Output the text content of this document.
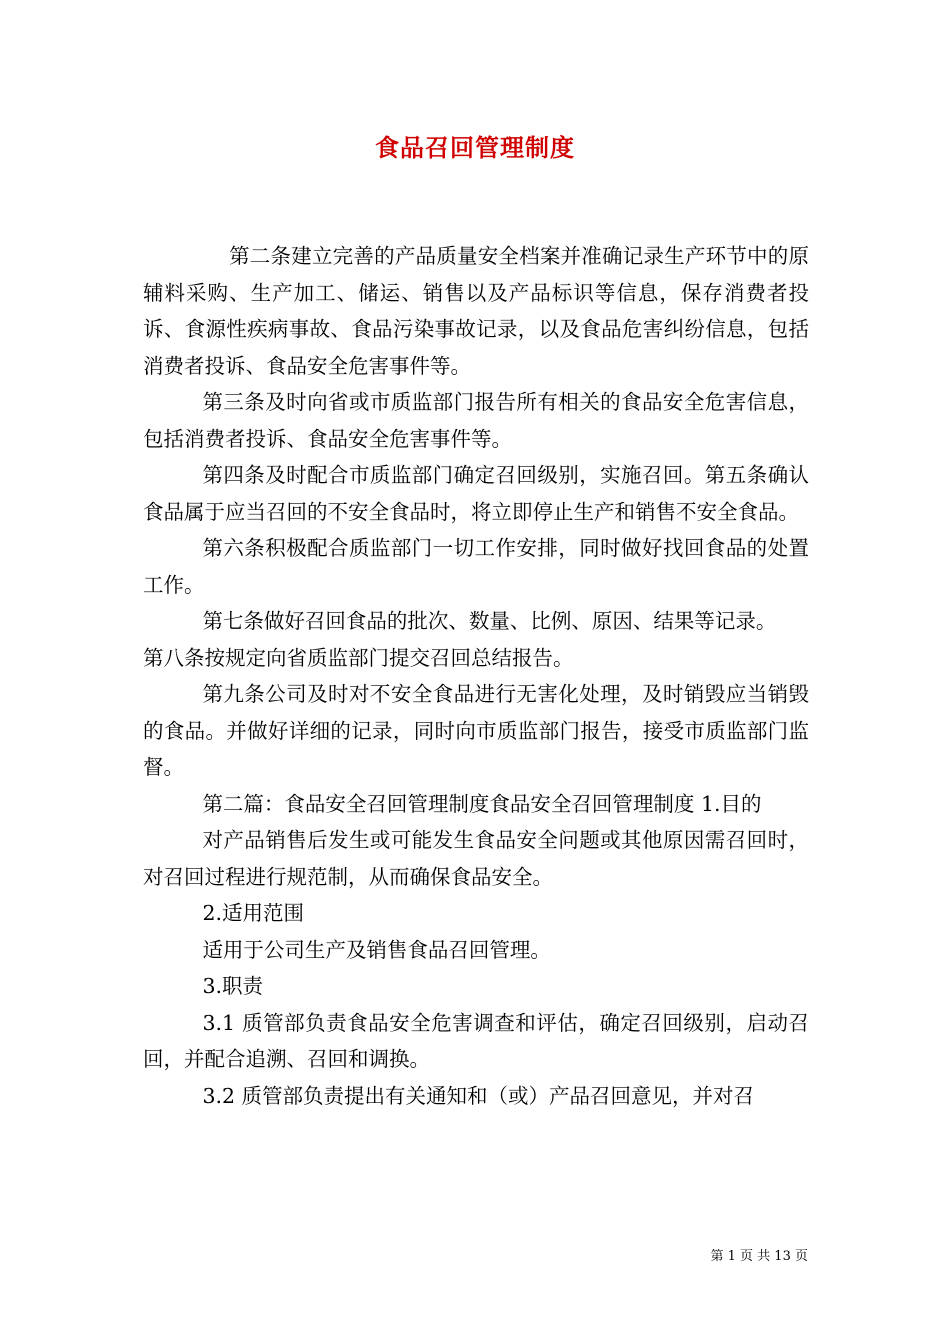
食品召回管理制度

第二条建立完善的产品质量安全档案并准确记录生产环节中的原辅料采购、生产加工、储运、销售以及产品标识等信息，保存消费者投诉、食源性疾病事故、食品污染事故记录，以及食品危害纠纷信息，包括消费者投诉、食品安全危害事件等。

第三条及时向省或市质监部门报告所有相关的食品安全危害信息，包括消费者投诉、食品安全危害事件等。

第四条及时配合市质监部门确定召回级别，实施召回。第五条确认食品属于应当召回的不安全食品时，将立即停止生产和销售不安全食品。

第六条积极配合质监部门一切工作安排，同时做好找回食品的处置工作。

第七条做好召回食品的批次、数量、比例、原因、结果等记录。

第八条按规定向省质监部门提交召回总结报告。

第九条公司及时对不安全食品进行无害化处理，及时销毁应当销毁的食品。并做好详细的记录，同时向市质监部门报告，接受市质监部门监督。

第二篇：食品安全召回管理制度食品安全召回管理制度 1.目的

对产品销售后发生或可能发生食品安全问题或其他原因需召回时，对召回过程进行规范制，从而确保食品安全。

2.适用范围

适用于公司生产及销售食品召回管理。

3.职责

3.1 质管部负责食品安全危害调查和评估，确定召回级别，启动召回，并配合追溯、召回和调换。

3.2 质管部负责提出有关通知和（或）产品召回意见，并对召

第 1 页 共 13 页
